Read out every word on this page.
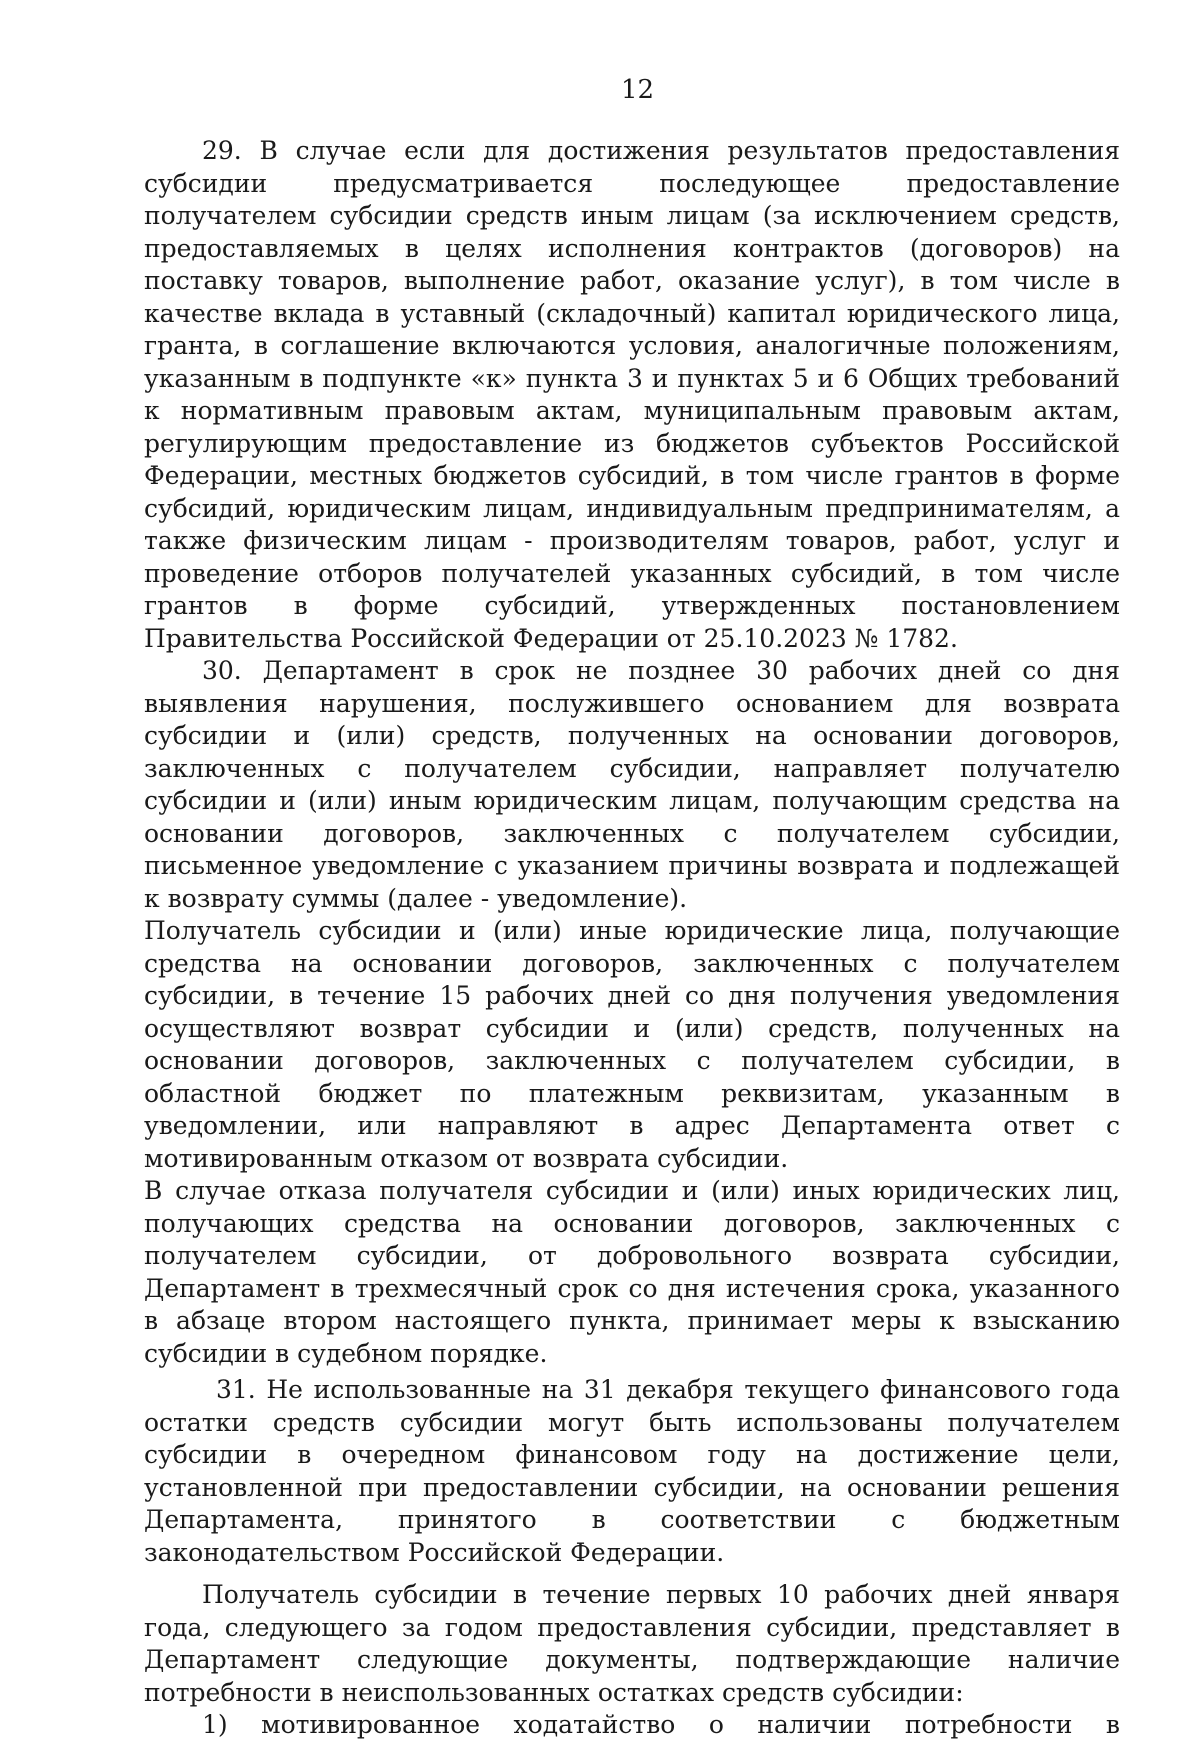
12

29. В случае если для достижения результатов предоставления субсидии предусматривается последующее предоставление получателем субсидии средств иным лицам (за исключением средств, предоставляемых в целях исполнения контрактов (договоров) на поставку товаров, выполнение работ, оказание услуг), в том числе в качестве вклада в уставный (складочный) капитал юридического лица, гранта, в соглашение включаются условия, аналогичные положениям, указанным в подпункте «к» пункта 3 и пунктах 5 и 6 Общих требований к нормативным правовым актам, муниципальным правовым актам, регулирующим предоставление из бюджетов субъектов Российской Федерации, местных бюджетов субсидий, в том числе грантов в форме субсидий, юридическим лицам, индивидуальным предпринимателям, а также физическим лицам - производителям товаров, работ, услуг и проведение отборов получателей указанных субсидий, в том числе грантов в форме субсидий, утвержденных постановлением Правительства Российской Федерации от 25.10.2023 № 1782.

30. Департамент в срок не позднее 30 рабочих дней со дня выявления нарушения, послужившего основанием для возврата субсидии и (или) средств, полученных на основании договоров, заключенных с получателем субсидии, направляет получателю субсидии и (или) иным юридическим лицам, получающим средства на основании договоров, заключенных с получателем субсидии, письменное уведомление с указанием причины возврата и подлежащей к возврату суммы (далее - уведомление).

Получатель субсидии и (или) иные юридические лица, получающие средства на основании договоров, заключенных с получателем субсидии, в течение 15 рабочих дней со дня получения уведомления осуществляют возврат субсидии и (или) средств, полученных на основании договоров, заключенных с получателем субсидии, в областной бюджет по платежным реквизитам, указанным в уведомлении, или направляют в адрес Департамента ответ с мотивированным отказом от возврата субсидии.

В случае отказа получателя субсидии и (или) иных юридических лиц, получающих средства на основании договоров, заключенных с получателем субсидии, от добровольного возврата субсидии, Департамент в трехмесячный срок со дня истечения срока, указанного в абзаце втором настоящего пункта, принимает меры к взысканию субсидии в судебном порядке.

31. Не использованные на 31 декабря текущего финансового года остатки средств субсидии могут быть использованы получателем субсидии в очередном финансовом году на достижение цели, установленной при предоставлении субсидии, на основании решения Департамента, принятого в соответствии с бюджетным законодательством Российской Федерации.

Получатель субсидии в течение первых 10 рабочих дней января года, следующего за годом предоставления субсидии, представляет в Департамент следующие документы, подтверждающие наличие потребности в неиспользованных остатках средств субсидии:

1) мотивированное ходатайство о наличии потребности в
